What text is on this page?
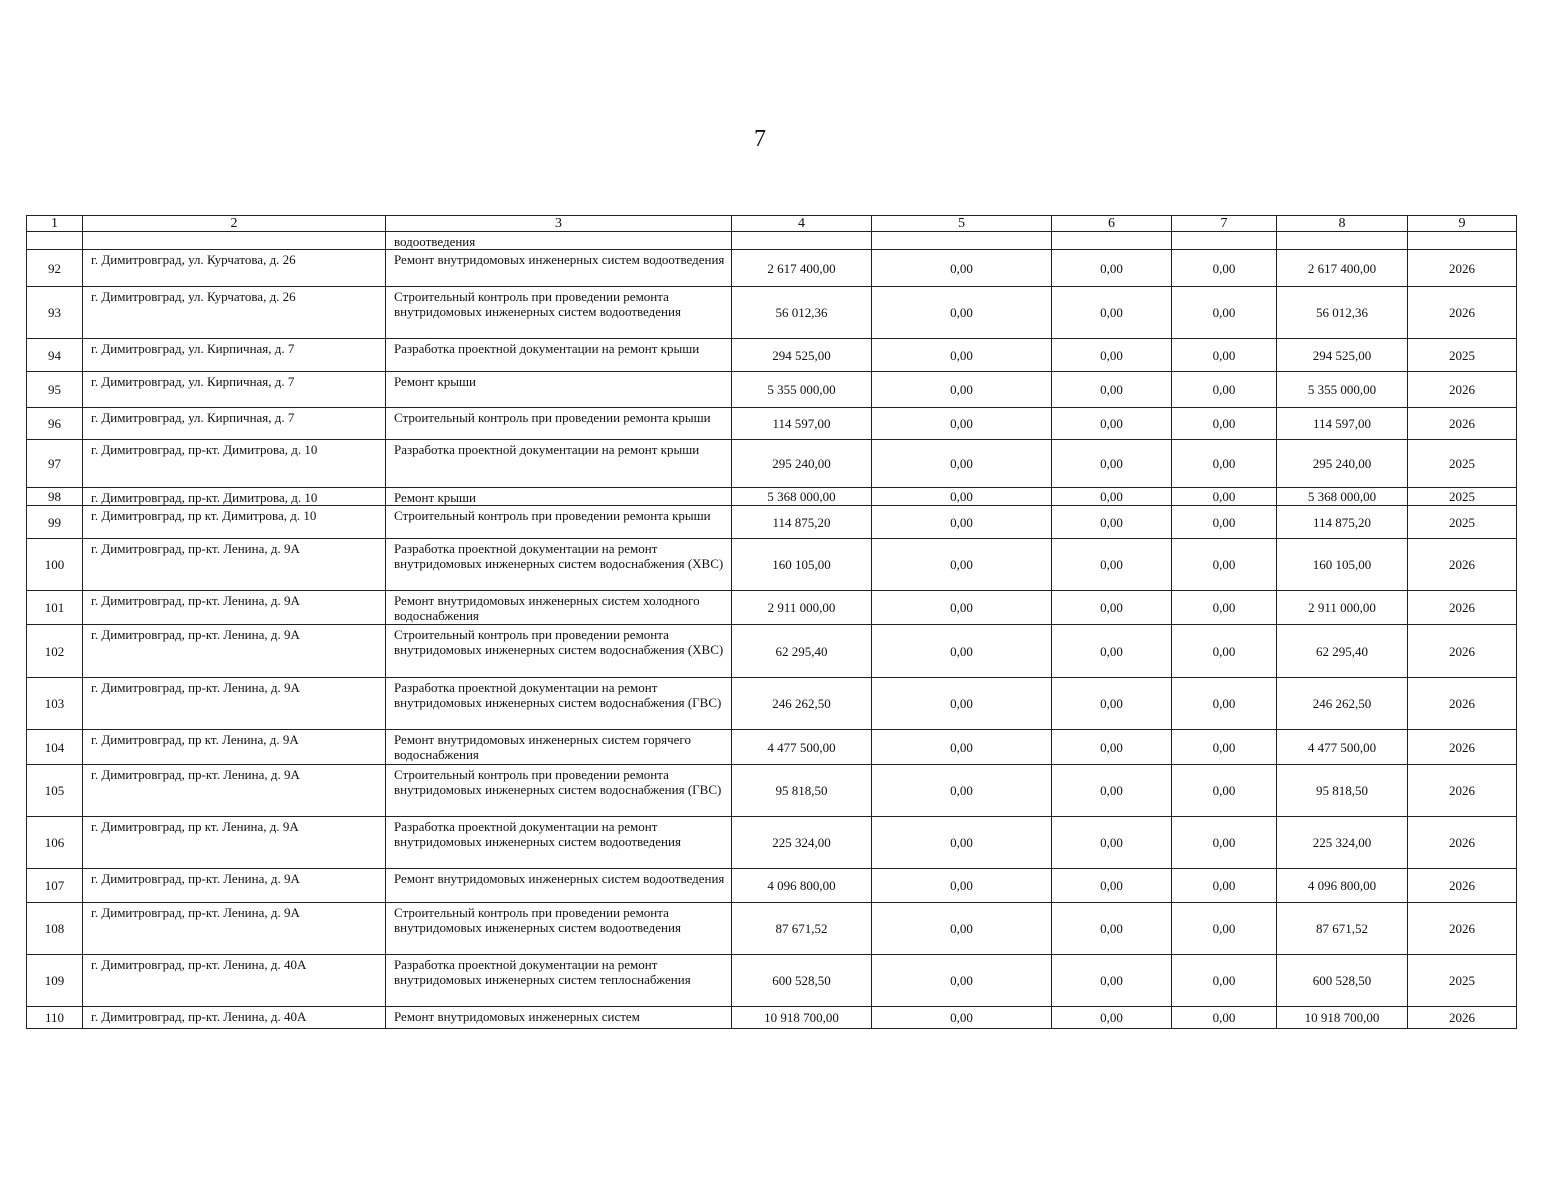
7
1	2	3	4	5	6	7	8	9
		водоотведения						
92	г. Димитровград, ул. Курчатова, д. 26	Ремонт внутридомовых инженерных систем водоотведения	2 617 400,00	0,00	0,00	0,00	2 617 400,00	2026
93	г. Димитровград, ул. Курчатова, д. 26	Строительный контроль при проведении ремонта внутридомовых инженерных систем водоотведения	56 012,36	0,00	0,00	0,00	56 012,36	2026
94	г. Димитровград, ул. Кирпичная, д. 7	Разработка проектной документации на ремонт крыши	294 525,00	0,00	0,00	0,00	294 525,00	2025
95	г. Димитровград, ул. Кирпичная, д. 7	Ремонт крыши	5 355 000,00	0,00	0,00	0,00	5 355 000,00	2026
96	г. Димитровград, ул. Кирпичная, д. 7	Строительный контроль при проведении ремонта крыши	114 597,00	0,00	0,00	0,00	114 597,00	2026
97	г. Димитровград, пр-кт. Димитрова, д. 10	Разработка проектной документации на ремонт крыши	295 240,00	0,00	0,00	0,00	295 240,00	2025
98	г. Димитровград, пр-кт. Димитрова, д. 10	Ремонт крыши	5 368 000,00	0,00	0,00	0,00	5 368 000,00	2025
99	г. Димитровград, пр кт. Димитрова, д. 10	Строительный контроль при проведении ремонта крыши	114 875,20	0,00	0,00	0,00	114 875,20	2025
100	г. Димитровград, пр-кт. Ленина, д. 9А	Разработка проектной документации на ремонт внутридомовых инженерных систем водоснабжения (ХВС)	160 105,00	0,00	0,00	0,00	160 105,00	2026
101	г. Димитровград, пр-кт. Ленина, д. 9А	Ремонт внутридомовых инженерных систем холодного водоснабжения	2 911 000,00	0,00	0,00	0,00	2 911 000,00	2026
102	г. Димитровград, пр-кт. Ленина, д. 9А	Строительный контроль при проведении ремонта внутридомовых инженерных систем водоснабжения (ХВС)	62 295,40	0,00	0,00	0,00	62 295,40	2026
103	г. Димитровград, пр-кт. Ленина, д. 9А	Разработка проектной документации на ремонт внутридомовых инженерных систем водоснабжения (ГВС)	246 262,50	0,00	0,00	0,00	246 262,50	2026
104	г. Димитровград, пр кт. Ленина, д. 9А	Ремонт внутридомовых инженерных систем горячего водоснабжения	4 477 500,00	0,00	0,00	0,00	4 477 500,00	2026
105	г. Димитровград, пр-кт. Ленина, д. 9А	Строительный контроль при проведении ремонта внутридомовых инженерных систем водоснабжения (ГВС)	95 818,50	0,00	0,00	0,00	95 818,50	2026
106	г. Димитровград, пр кт. Ленина, д. 9А	Разработка проектной документации на ремонт внутридомовых инженерных систем водоотведения	225 324,00	0,00	0,00	0,00	225 324,00	2026
107	г. Димитровград, пр-кт. Ленина, д. 9А	Ремонт внутридомовых инженерных систем водоотведения	4 096 800,00	0,00	0,00	0,00	4 096 800,00	2026
108	г. Димитровград, пр-кт. Ленина, д. 9А	Строительный контроль при проведении ремонта внутридомовых инженерных систем водоотведения	87 671,52	0,00	0,00	0,00	87 671,52	2026
109	г. Димитровград, пр-кт. Ленина, д. 40А	Разработка проектной документации на ремонт внутридомовых инженерных систем теплоснабжения	600 528,50	0,00	0,00	0,00	600 528,50	2025
110	г. Димитровград, пр-кт. Ленина, д. 40А	Ремонт внутридомовых инженерных систем	10 918 700,00	0,00	0,00	0,00	10 918 700,00	2026
